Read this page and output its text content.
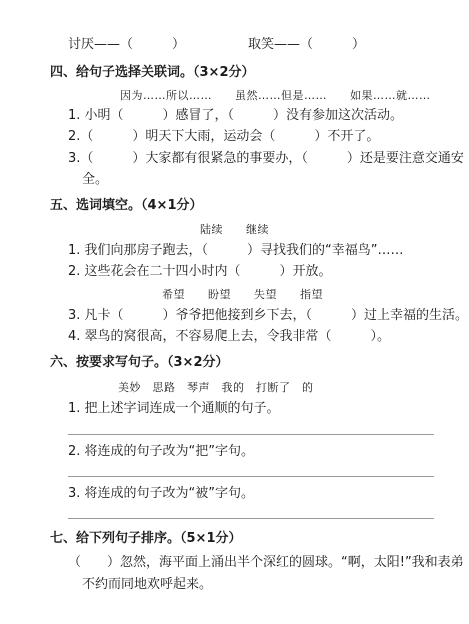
讨厌——（　　　）	取笑——（　　　）
四、给句子选择关联词。（3×2分）
因为……所以……　　虽然……但是……　　如果……就……
1. 小明（　　　）感冒了，（　　　）没有参加这次活动。
2.（　　　）明天下大雨，运动会（　　　）不开了。
3.（　　　）大家都有很紧急的事要办，（　　　）还是要注意交通安
全。
五、选词填空。（4×1分）
陆续　　继续
1. 我们向那房子跑去，（　　　）寻找我们的“幸福鸟”……
2. 这些花会在二十四小时内（　　　）开放。
希望　　盼望　　失望　　指望
3. 凡卡（　　　）爷爷把他接到乡下去，（　　　）过上幸福的生活。
4. 翠鸟的窝很高，不容易爬上去，令我非常（　　　）。
六、按要求写句子。（3×2分）
美妙　思路　琴声　我的　打断了　的
1. 把上述字词连成一个通顺的句子。
2. 将连成的句子改为“把”字句。
3. 将连成的句子改为“被”字句。
七、给下列句子排序。（5×1分）
（　　）忽然，海平面上涌出半个深红的圆球。“啊，太阳!”我和表弟
不约而同地欢呼起来。
